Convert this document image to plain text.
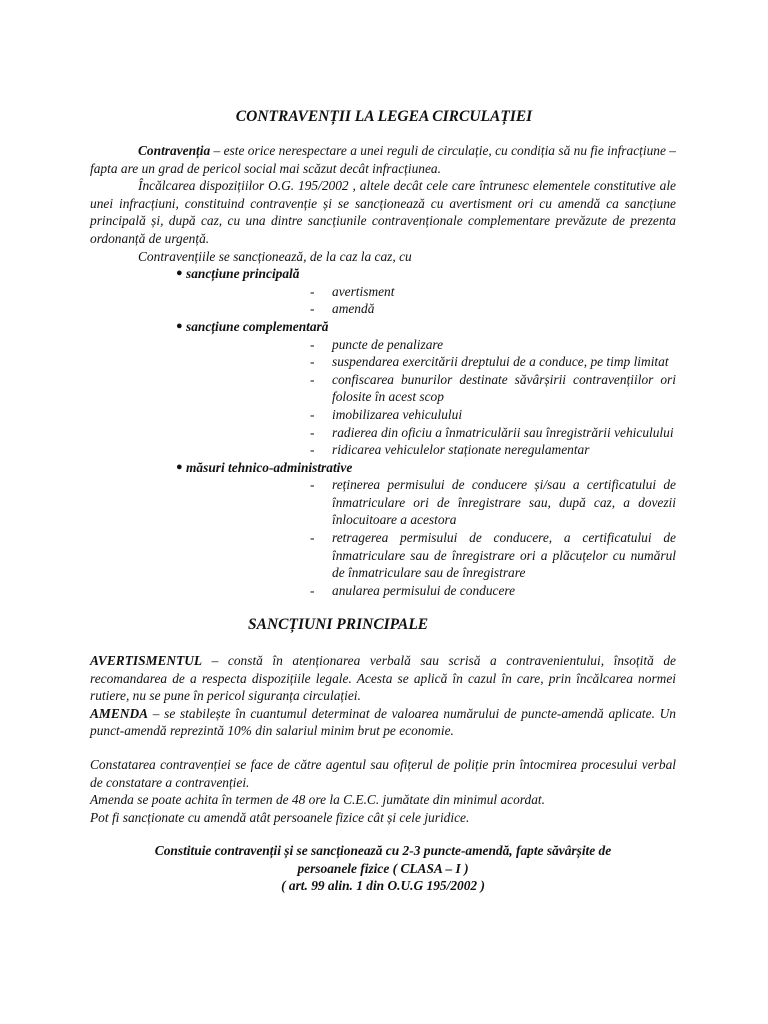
CONTRAVENȚII LA LEGEA CIRCULAȚIEI

Contravenția – este orice nerespectare a unei reguli de circulație, cu condiția să nu fie infracțiune – fapta are un grad de pericol social mai scăzut decât infracțiunea.

Încălcarea dispozițiilor O.G. 195/2002 , altele decât cele care întrunesc elementele constitutive ale unei infracțiuni, constituind contravenție și se sancționează cu avertisment ori cu amendă ca sancțiune principală și, după caz, cu una dintre sancțiunile contravenționale complementare prevăzute de prezenta ordonanță de urgență.

Contravențiile se sancționează, de la caz la caz, cu

● sancțiune principală
- avertisment
- amendă
● sancțiune complementară
- puncte de penalizare
- suspendarea exercitării dreptului de a conduce, pe timp limitat
- confiscarea bunurilor destinate săvârșirii contravențiilor ori folosite în acest scop
- imobilizarea vehiculului
- radierea din oficiu a înmatriculării sau înregistrării vehiculului
- ridicarea vehiculelor staționate neregulamentar
● măsuri tehnico-administrative
- reținerea permisului de conducere și/sau a certificatului de înmatriculare ori de înregistrare sau, după caz, a dovezii înlocuitoare a acestora
- retragerea permisului de conducere, a certificatului de înmatriculare sau de înregistrare ori a plăcuțelor cu numărul de înmatriculare sau de înregistrare
- anularea permisului de conducere
SANCȚIUNI PRINCIPALE

AVERTISMENTUL – constă în atenționarea verbală sau scrisă a contravenientului, însoțită de recomandarea de a respecta dispozițiile legale. Acesta se aplică în cazul în care, prin încălcarea normei rutiere, nu se pune în pericol siguranța circulației.

AMENDA – se stabilește în cuantumul determinat de valoarea numărului de puncte-amendă aplicate. Un punct-amendă reprezintă 10% din salariul minim brut pe economie.

Constatarea contravenției se face de către agentul sau ofițerul de poliție prin întocmirea procesului verbal de constatare a contravenției.

Amenda se poate achita în termen de 48 ore la C.E.C. jumătate din minimul acordat.

Pot fi sancționate cu amendă atât persoanele fizice cât și cele juridice.

Constituie contravenții și se sancționează cu 2-3 puncte-amendă, fapte săvârșite de
persoanele fizice ( CLASA – I )
( art. 99 alin. 1 din O.U.G 195/2002 )
